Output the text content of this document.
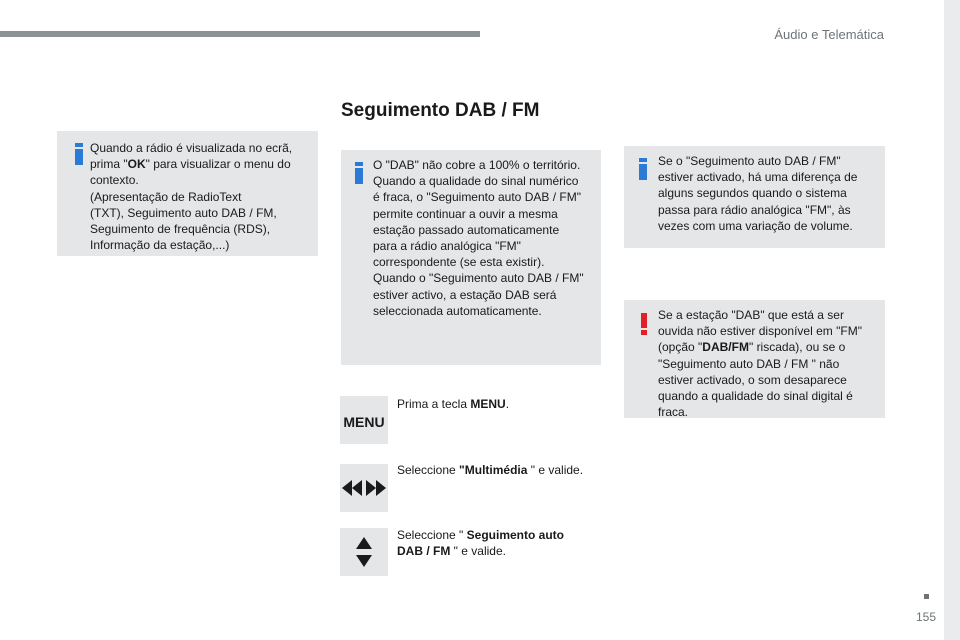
Áudio e Telemática
Seguimento DAB / FM
Quando a rádio é visualizada no ecrã,
prima "OK" para visualizar o menu do
contexto.
(Apresentação de RadioText
(TXT), Seguimento auto DAB / FM,
Seguimento de frequência (RDS),
Informação da estação,...)
O "DAB" não cobre a 100% o território.
Quando a qualidade do sinal numérico
é fraca, o "Seguimento auto DAB / FM"
permite continuar a ouvir a mesma
estação passado automaticamente
para a rádio analógica "FM"
correspondente (se esta existir).
Quando o "Seguimento auto DAB / FM"
estiver activo, a estação DAB será
seleccionada automaticamente.
Se o "Seguimento auto DAB / FM"
estiver activado, há uma diferença de
alguns segundos quando o sistema
passa para rádio analógica "FM", às
vezes com uma variação de volume.
Se a estação "DAB" que está a ser
ouvida não estiver disponível em "FM"
(opção "DAB/FM" riscada), ou se o
"Seguimento auto DAB / FM " não
estiver activado, o som desaparece
quando a qualidade do sinal digital é
fraca.
MENU
Prima a tecla MENU.
Seleccione "Multimédia " e valide.
Seleccione " Seguimento auto
DAB / FM " e valide.
155
